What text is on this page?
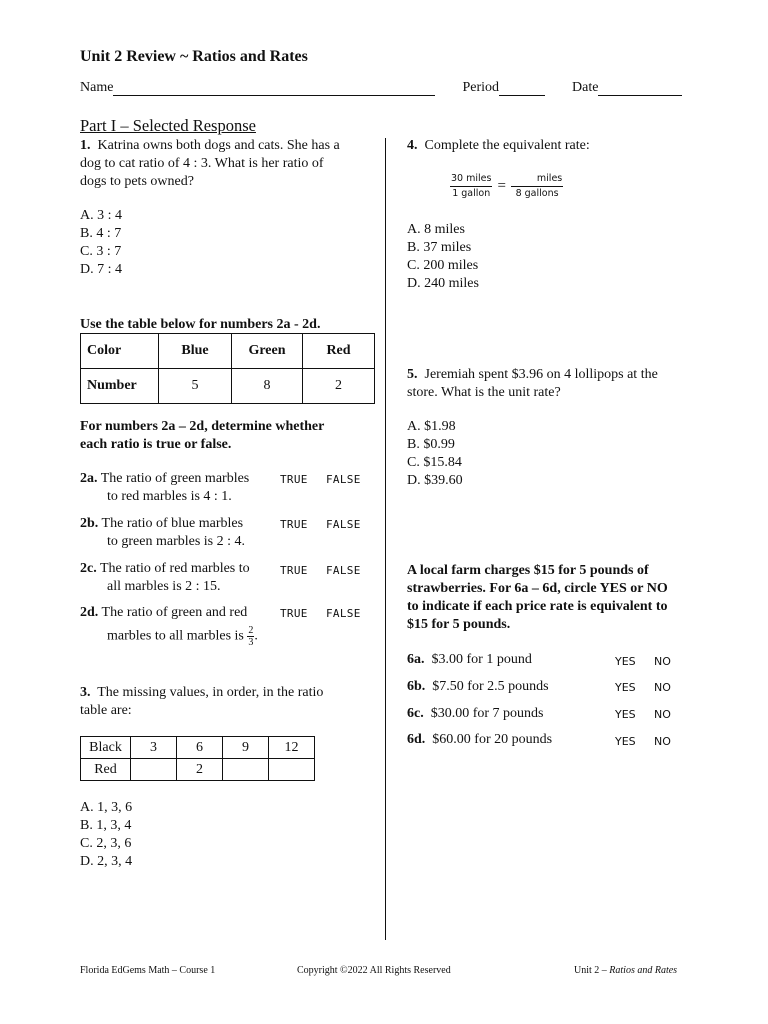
Unit 2 Review ~ Ratios and Rates
Name	Period	Date
Part I – Selected Response
1. Katrina owns both dogs and cats. She has a
dog to cat ratio of 4 : 3. What is her ratio of
dogs to pets owned?
A. 3 : 4
B. 4 : 7
C. 3 : 7
D. 7 : 4
Use the table below for numbers 2a - 2d.
Color	Blue	Green	Red
Number	5	8	2
For numbers 2a – 2d, determine whether
each ratio is true or false.
2a. The ratio of green marbles
to red marbles is 4 : 1.
TRUE FALSE
2b. The ratio of blue marbles
to green marbles is 2 : 4.
TRUE FALSE
2c. The ratio of red marbles to
all marbles is 2 : 15.
TRUE FALSE
2d. The ratio of green and red
marbles to all marbles is $\frac{2}{3}$ .
TRUE FALSE
3. The missing values, in order, in the ratio
table are:
Black	3	6	9	12
Red		2		
A. 1, 3, 6
B. 1, 3, 4
C. 2, 3, 6
D. 2, 3, 4
4. Complete the equivalent rate:
$\frac{\text{30 miles}}{\text{1 gallon}} = \frac{\text{miles}}{\text{8 gallons}}$
A. 8 miles
B. 37 miles
C. 200 miles
D. 240 miles
5. Jeremiah spent $3.96 on 4 lollipops at the
store. What is the unit rate?
A. $1.98
B. $0.99
C. $15.84
D. $39.60
A local farm charges $15 for 5 pounds of
strawberries. For 6a – 6d, circle YES or NO
to indicate if each price rate is equivalent to
$15 for 5 pounds.
6a. $3.00 for 1 pound	YES NO
6b. $7.50 for 2.5 pounds	YES NO
6c. $30.00 for 7 pounds	YES NO
6d. $60.00 for 20 pounds	YES NO
Florida EdGems Math – Course 1	Copyright ©2022 All Rights Reserved	Unit 2 – Ratios and Rates
